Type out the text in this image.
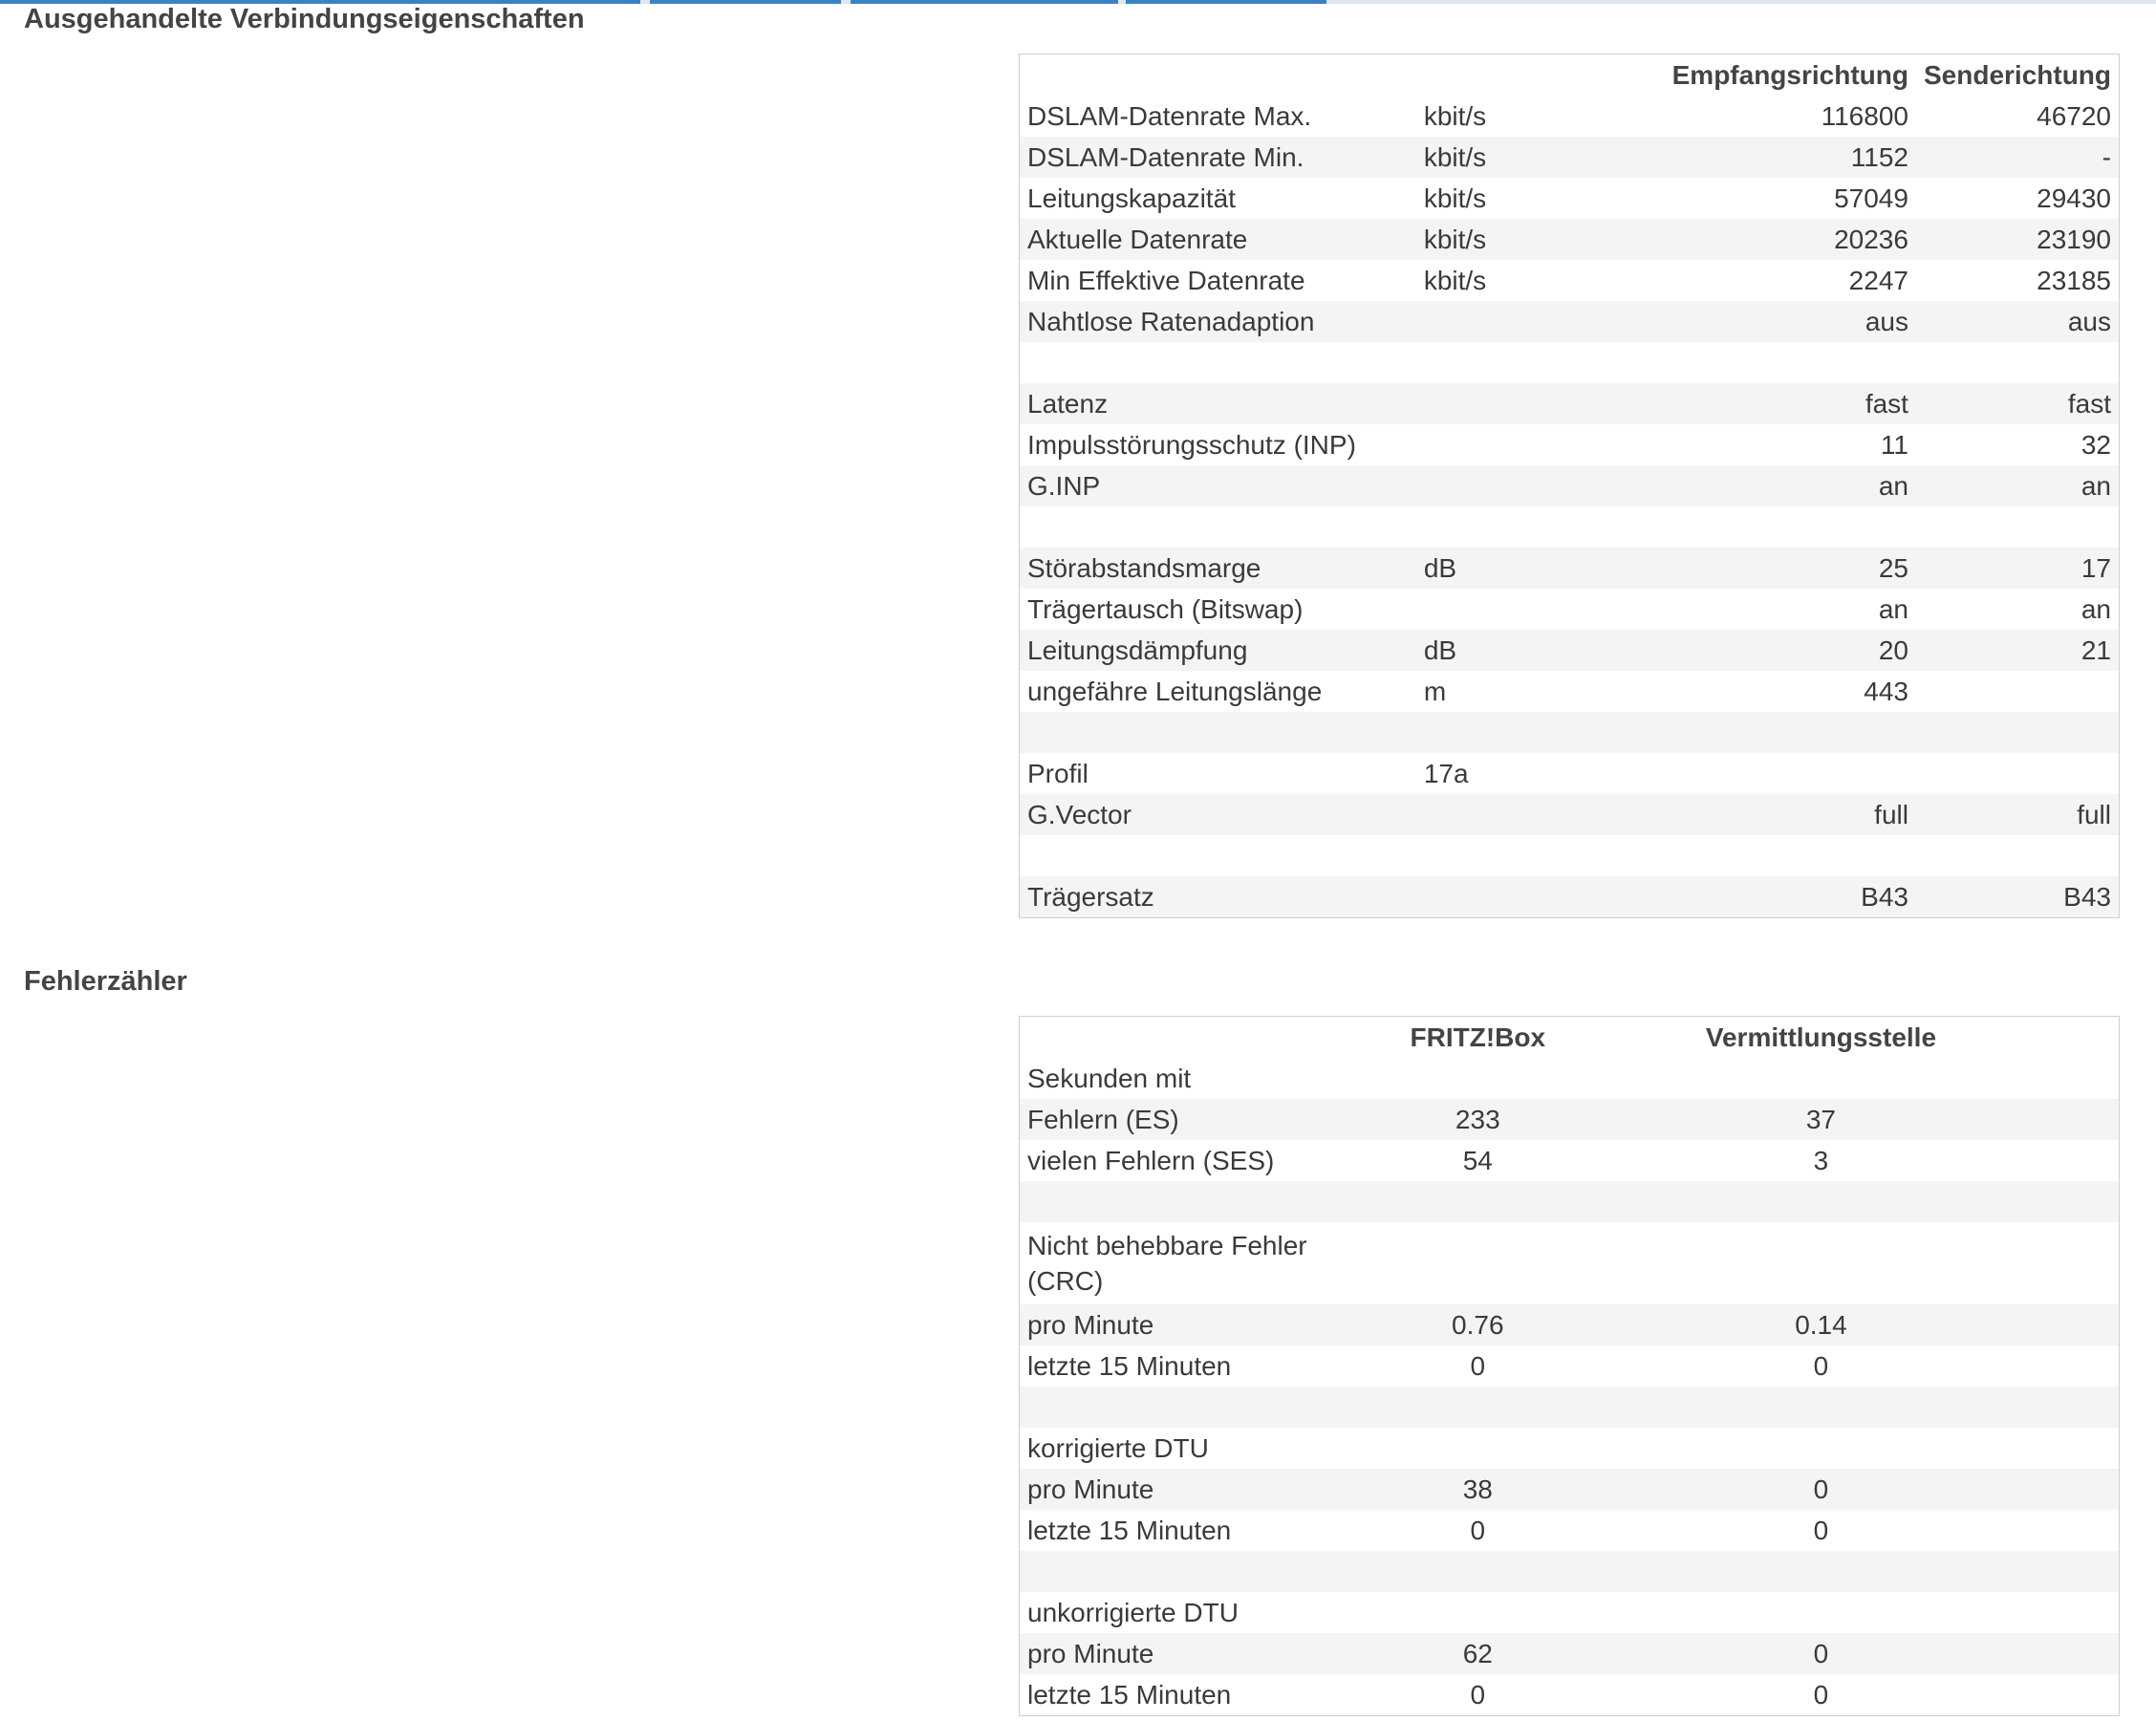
Ausgehandelte Verbindungseigenschaften
		Empfangsrichtung	Senderichtung
DSLAM-Datenrate Max.	kbit/s	116800	46720
DSLAM-Datenrate Min.	kbit/s	1152	-
Leitungskapazität	kbit/s	57049	29430
Aktuelle Datenrate	kbit/s	20236	23190
Min Effektive Datenrate	kbit/s	2247	23185
Nahtlose Ratenadaption		aus	aus

Latenz		fast	fast
Impulsstörungsschutz (INP)		11	32
G.INP		an	an

Störabstandsmarge	dB	25	17
Trägertausch (Bitswap)		an	an
Leitungsdämpfung	dB	20	21
ungefähre Leitungslänge	m	443	

Profil	17a		
G.Vector		full	full

Trägersatz		B43	B43
Fehlerzähler
	FRITZ!Box	Vermittlungsstelle
Sekunden mit		
Fehlern (ES)	233	37
vielen Fehlern (SES)	54	3

Nicht behebbare Fehler (CRC)		
pro Minute	0.76	0.14
letzte 15 Minuten	0	0

korrigierte DTU		
pro Minute	38	0
letzte 15 Minuten	0	0

unkorrigierte DTU		
pro Minute	62	0
letzte 15 Minuten	0	0
